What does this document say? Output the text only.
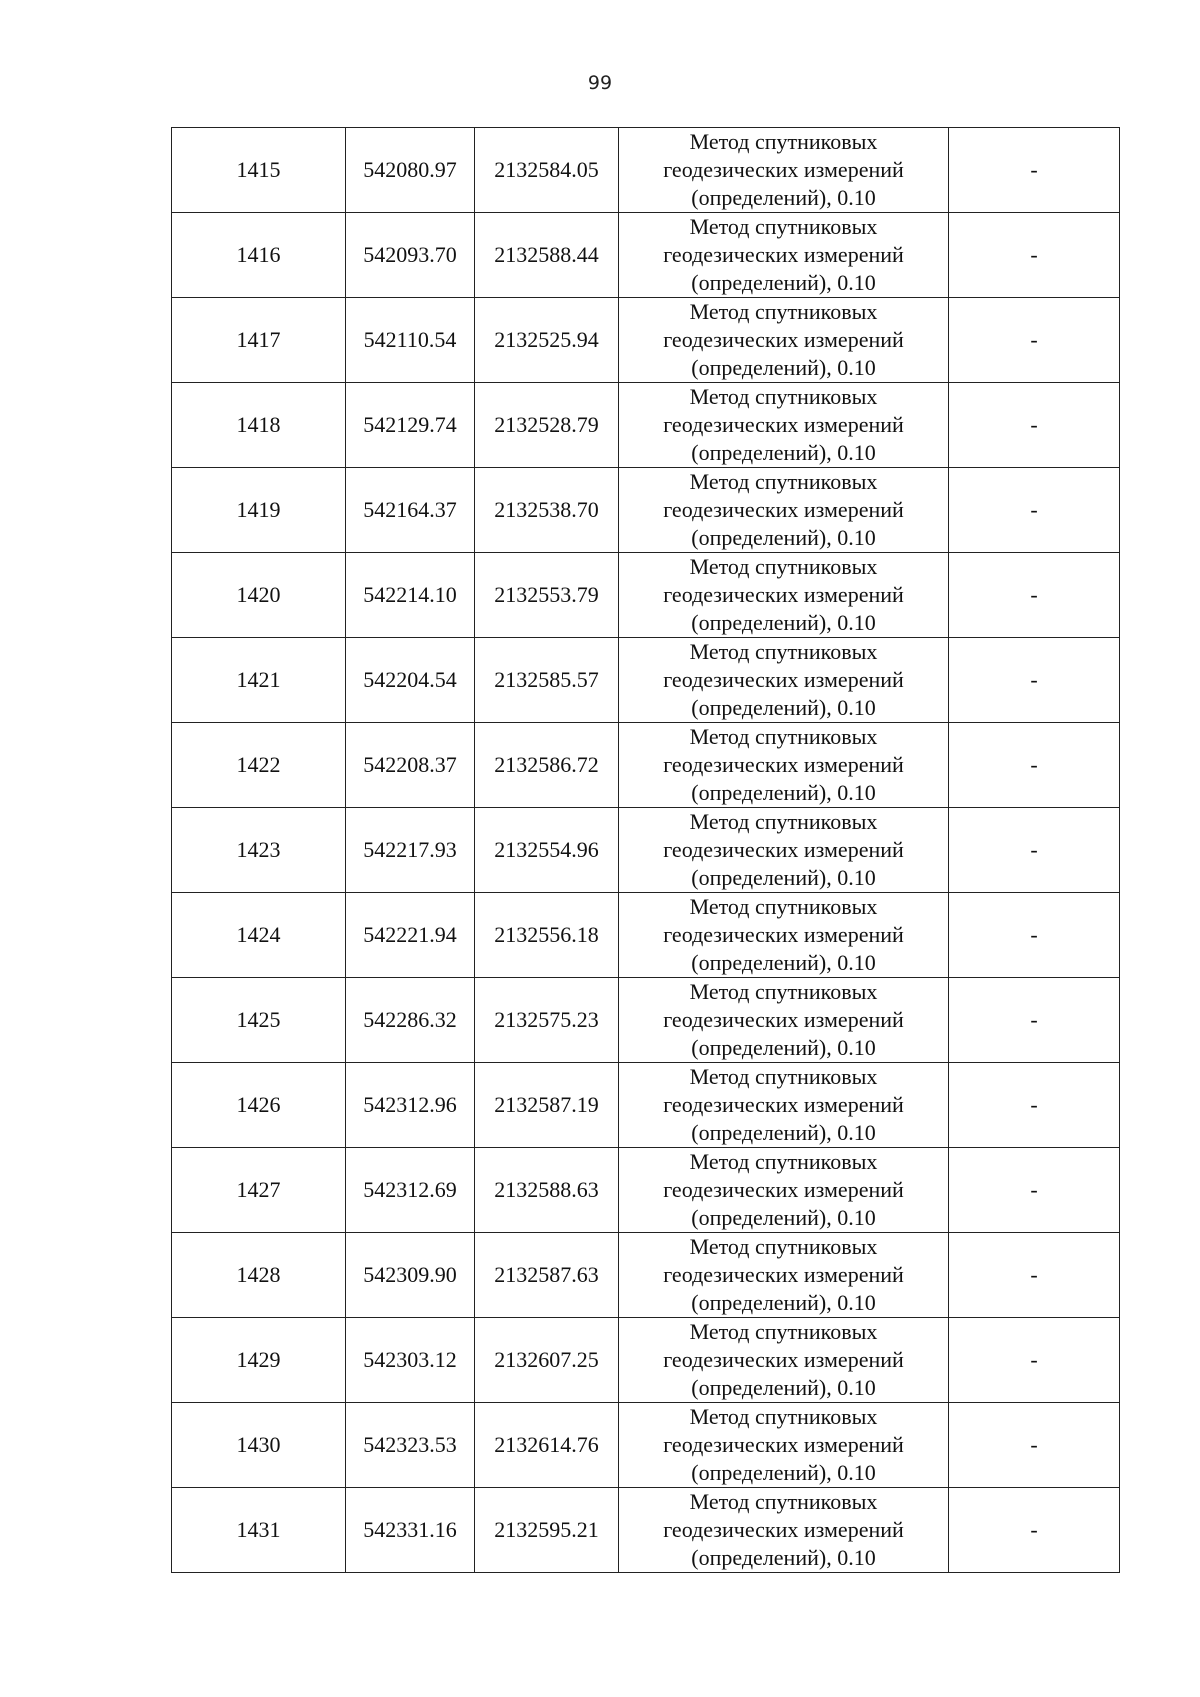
99
1415	542080.97	2132584.05	Метод спутниковых
геодезических измерений
(определений), 0.10	-
1416	542093.70	2132588.44	Метод спутниковых
геодезических измерений
(определений), 0.10	-
1417	542110.54	2132525.94	Метод спутниковых
геодезических измерений
(определений), 0.10	-
1418	542129.74	2132528.79	Метод спутниковых
геодезических измерений
(определений), 0.10	-
1419	542164.37	2132538.70	Метод спутниковых
геодезических измерений
(определений), 0.10	-
1420	542214.10	2132553.79	Метод спутниковых
геодезических измерений
(определений), 0.10	-
1421	542204.54	2132585.57	Метод спутниковых
геодезических измерений
(определений), 0.10	-
1422	542208.37	2132586.72	Метод спутниковых
геодезических измерений
(определений), 0.10	-
1423	542217.93	2132554.96	Метод спутниковых
геодезических измерений
(определений), 0.10	-
1424	542221.94	2132556.18	Метод спутниковых
геодезических измерений
(определений), 0.10	-
1425	542286.32	2132575.23	Метод спутниковых
геодезических измерений
(определений), 0.10	-
1426	542312.96	2132587.19	Метод спутниковых
геодезических измерений
(определений), 0.10	-
1427	542312.69	2132588.63	Метод спутниковых
геодезических измерений
(определений), 0.10	-
1428	542309.90	2132587.63	Метод спутниковых
геодезических измерений
(определений), 0.10	-
1429	542303.12	2132607.25	Метод спутниковых
геодезических измерений
(определений), 0.10	-
1430	542323.53	2132614.76	Метод спутниковых
геодезических измерений
(определений), 0.10	-
1431	542331.16	2132595.21	Метод спутниковых
геодезических измерений
(определений), 0.10	-
